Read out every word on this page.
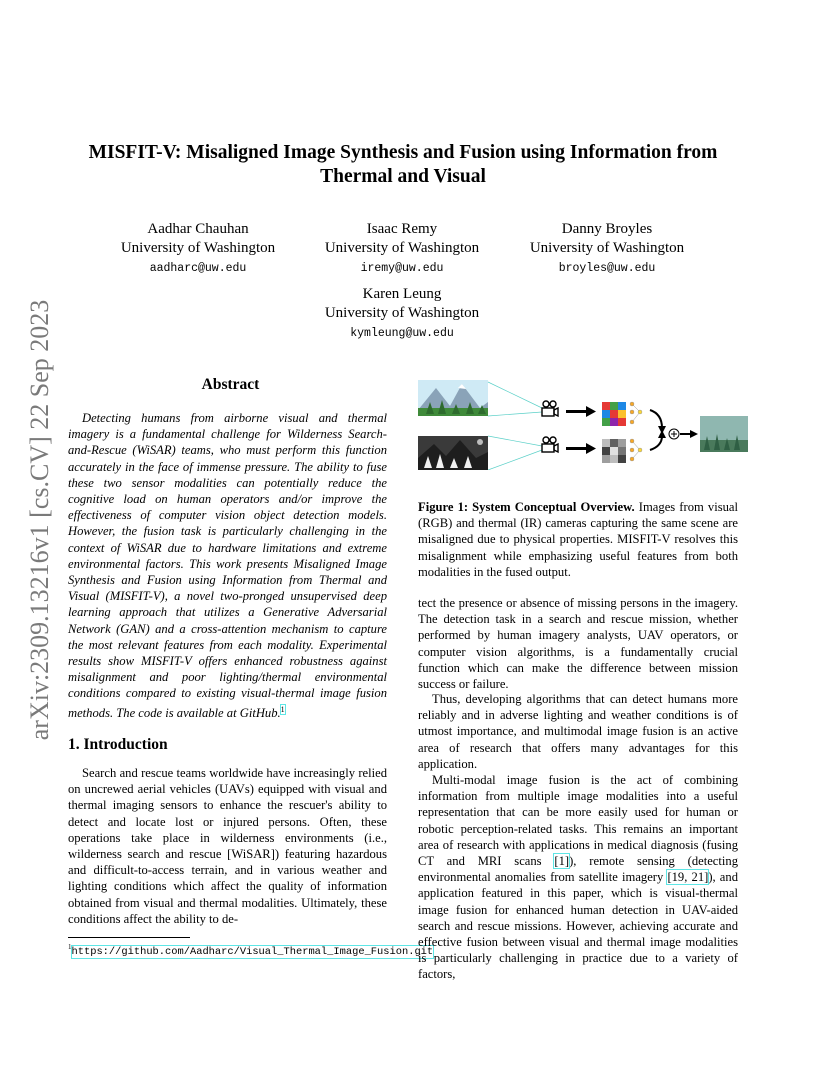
arXiv:2309.13216v1 [cs.CV] 22 Sep 2023
MISFIT-V: Misaligned Image Synthesis and Fusion using Information from
Thermal and Visual
Aadhar Chauhan
University of Washington
aadharc@uw.edu
Isaac Remy
University of Washington
iremy@uw.edu
Danny Broyles
University of Washington
broyles@uw.edu
Karen Leung
University of Washington
kymleung@uw.edu
Abstract
Detecting humans from airborne visual and thermal imagery is a fundamental challenge for Wilderness Search-and-Rescue (WiSAR) teams, who must perform this function accurately in the face of immense pressure. The ability to fuse these two sensor modalities can potentially reduce the cognitive load on human operators and/or improve the effectiveness of computer vision object detection models. However, the fusion task is particularly challenging in the context of WiSAR due to hardware limitations and extreme environmental factors. This work presents Misaligned Image Synthesis and Fusion using Information from Thermal and Visual (MISFIT-V), a novel two-pronged unsupervised deep learning approach that utilizes a Generative Adversarial Network (GAN) and a cross-attention mechanism to capture the most relevant features from each modality. Experimental results show MISFIT-V offers enhanced robustness against misalignment and poor lighting/thermal environmental conditions compared to existing visual-thermal image fusion methods. The code is available at GitHub.$^1$
1. Introduction
Search and rescue teams worldwide have increasingly relied on uncrewed aerial vehicles (UAVs) equipped with visual and thermal imaging sensors to enhance the rescuer's ability to detect and locate lost or injured persons. Often, these operations take place in wilderness environments (i.e., wilderness search and rescue [WiSAR]) featuring hazardous and difficult-to-access terrain, and in various weather and lighting conditions which affect the quality of information obtained from visual and thermal modalities. Ultimately, these conditions affect the ability to de-
$^1$https://github.com/Aadharc/Visual_Thermal_Image_Fusion.git
Figure 1: System Conceptual Overview. Images from visual (RGB) and thermal (IR) cameras capturing the same scene are misaligned due to physical properties. MISFIT-V resolves this misalignment while emphasizing useful features from both modalities in the fused output.
tect the presence or absence of missing persons in the imagery. The detection task in a search and rescue mission, whether performed by human imagery analysts, UAV operators, or computer vision algorithms, is a fundamentally crucial function which can make the difference between mission success or failure.
Thus, developing algorithms that can detect humans more reliably and in adverse lighting and weather conditions is of utmost importance, and multimodal image fusion is an active area of research that offers many advantages for this application.
Multi-modal image fusion is the act of combining information from multiple image modalities into a useful representation that can be more easily used for human or robotic perception-related tasks. This remains an important area of research with applications in medical diagnosis (fusing CT and MRI scans [1]), remote sensing (detecting environmental anomalies from satellite imagery [19, 21]), and application featured in this paper, which is visual-thermal image fusion for enhanced human detection in UAV-aided search and rescue missions. However, achieving accurate and effective fusion between visual and thermal image modalities is particularly challenging in practice due to a variety of factors,
